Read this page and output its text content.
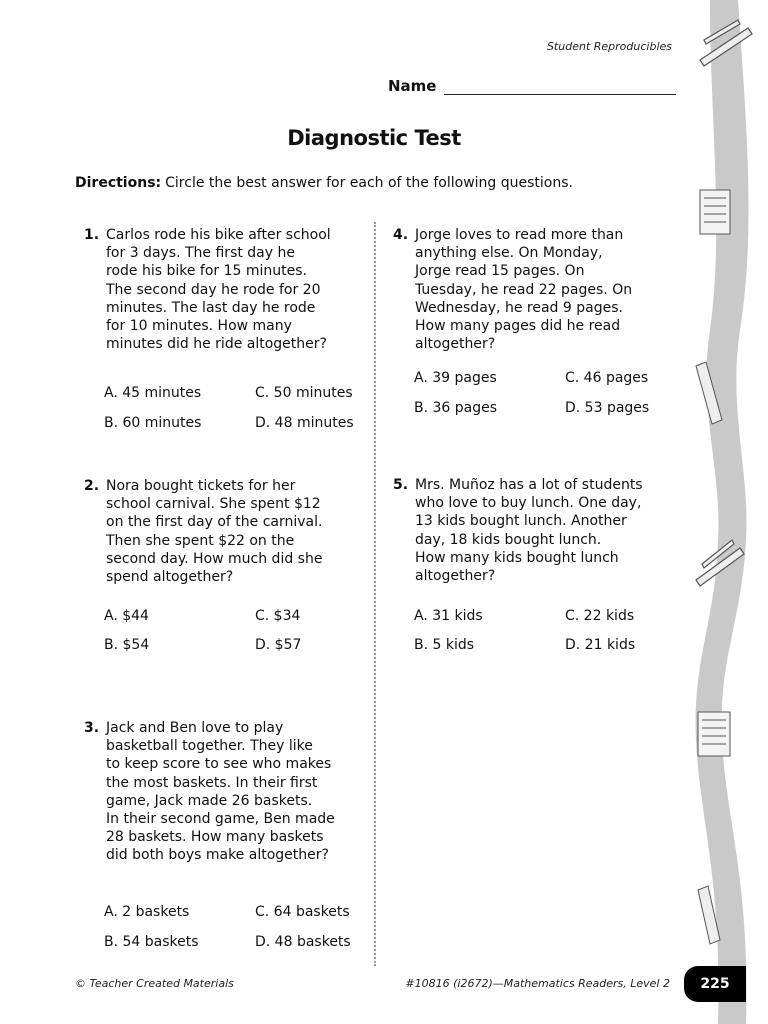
Student Reproducibles
Name
Diagnostic Test
Directions: Circle the best answer for each of the following questions.
1. Carlos rode his bike after school
for 3 days. The first day he
rode his bike for 15 minutes.
The second day he rode for 20
minutes. The last day he rode
for 10 minutes. How many
minutes did he ride altogether?
A. 45 minutes	C. 50 minutes
B. 60 minutes	D. 48 minutes
2. Nora bought tickets for her
school carnival. She spent $12
on the first day of the carnival.
Then she spent $22 on the
second day. How much did she
spend altogether?
A. $44	C. $34
B. $54	D. $57
3. Jack and Ben love to play
basketball together. They like
to keep score to see who makes
the most baskets. In their first
game, Jack made 26 baskets.
In their second game, Ben made
28 baskets. How many baskets
did both boys make altogether?
A. 2 baskets	C. 64 baskets
B. 54 baskets	D. 48 baskets
4. Jorge loves to read more than
anything else. On Monday,
Jorge read 15 pages. On
Tuesday, he read 22 pages. On
Wednesday, he read 9 pages.
How many pages did he read
altogether?
A. 39 pages	C. 46 pages
B. 36 pages	D. 53 pages
5. Mrs. Muñoz has a lot of students
who love to buy lunch. One day,
13 kids bought lunch. Another
day, 18 kids bought lunch.
How many kids bought lunch
altogether?
A. 31 kids	C. 22 kids
B. 5 kids	D. 21 kids
© Teacher Created Materials	#10816 (i2672)—Mathematics Readers, Level 2	225
